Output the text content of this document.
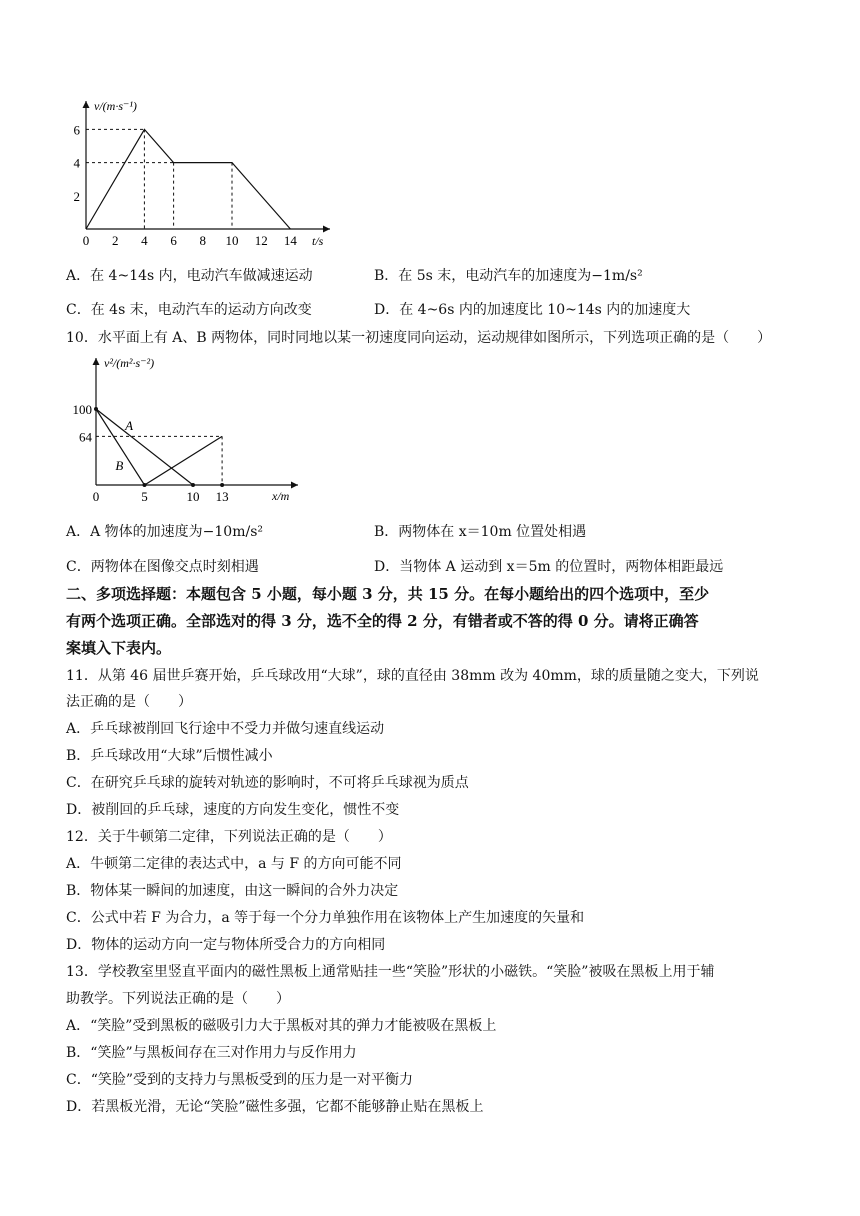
v/(m·s⁻¹)
t/s
0 2 4 6 8 10 12 14
2
4
6
A．在 4~14s 内，电动汽车做减速运动	B．在 5s 末，电动汽车的加速度为−1m/s²
C．在 4s 末，电动汽车的运动方向改变	D．在 4~6s 内的加速度比 10~14s 内的加速度大
10．水平面上有 A、B 两物体，同时同地以某一初速度同向运动，运动规律如图所示，下列选项正确的是（　　）
v²/(m²·s⁻²)
x/m
0	5	10 13
64
100
A
B
A．A 物体的加速度为−10m/s²	B．两物体在 x＝10m 位置处相遇
C．两物体在图像交点时刻相遇	D．当物体 A 运动到 x＝5m 的位置时，两物体相距最远
二、多项选择题：本题包含 5 小题，每小题 3 分，共 15 分。在每小题给出的四个选项中，至少
有两个选项正确。全部选对的得 3 分，选不全的得 2 分，有错者或不答的得 0 分。请将正确答
案填入下表内。
11．从第 46 届世乒赛开始，乒乓球改用“大球”，球的直径由 38mm 改为 40mm，球的质量随之变大，下列说
法正确的是（　　）
A．乒乓球被削回飞行途中不受力并做匀速直线运动
B．乒乓球改用“大球”后惯性减小
C．在研究乒乓球的旋转对轨迹的影响时，不可将乒乓球视为质点
D．被削回的乒乓球，速度的方向发生变化，惯性不变
12．关于牛顿第二定律，下列说法正确的是（　　）
A．牛顿第二定律的表达式中，a 与 F 的方向可能不同
B．物体某一瞬间的加速度，由这一瞬间的合外力决定
C．公式中若 F 为合力，a 等于每一个分力单独作用在该物体上产生加速度的矢量和
D．物体的运动方向一定与物体所受合力的方向相同
13．学校教室里竖直平面内的磁性黑板上通常贴挂一些“笑脸”形状的小磁铁。“笑脸”被吸在黑板上用于辅
助教学。下列说法正确的是（　　）
A．“笑脸”受到黑板的磁吸引力大于黑板对其的弹力才能被吸在黑板上
B．“笑脸”与黑板间存在三对作用力与反作用力
C．“笑脸”受到的支持力与黑板受到的压力是一对平衡力
D．若黑板光滑，无论“笑脸”磁性多强，它都不能够静止贴在黑板上
